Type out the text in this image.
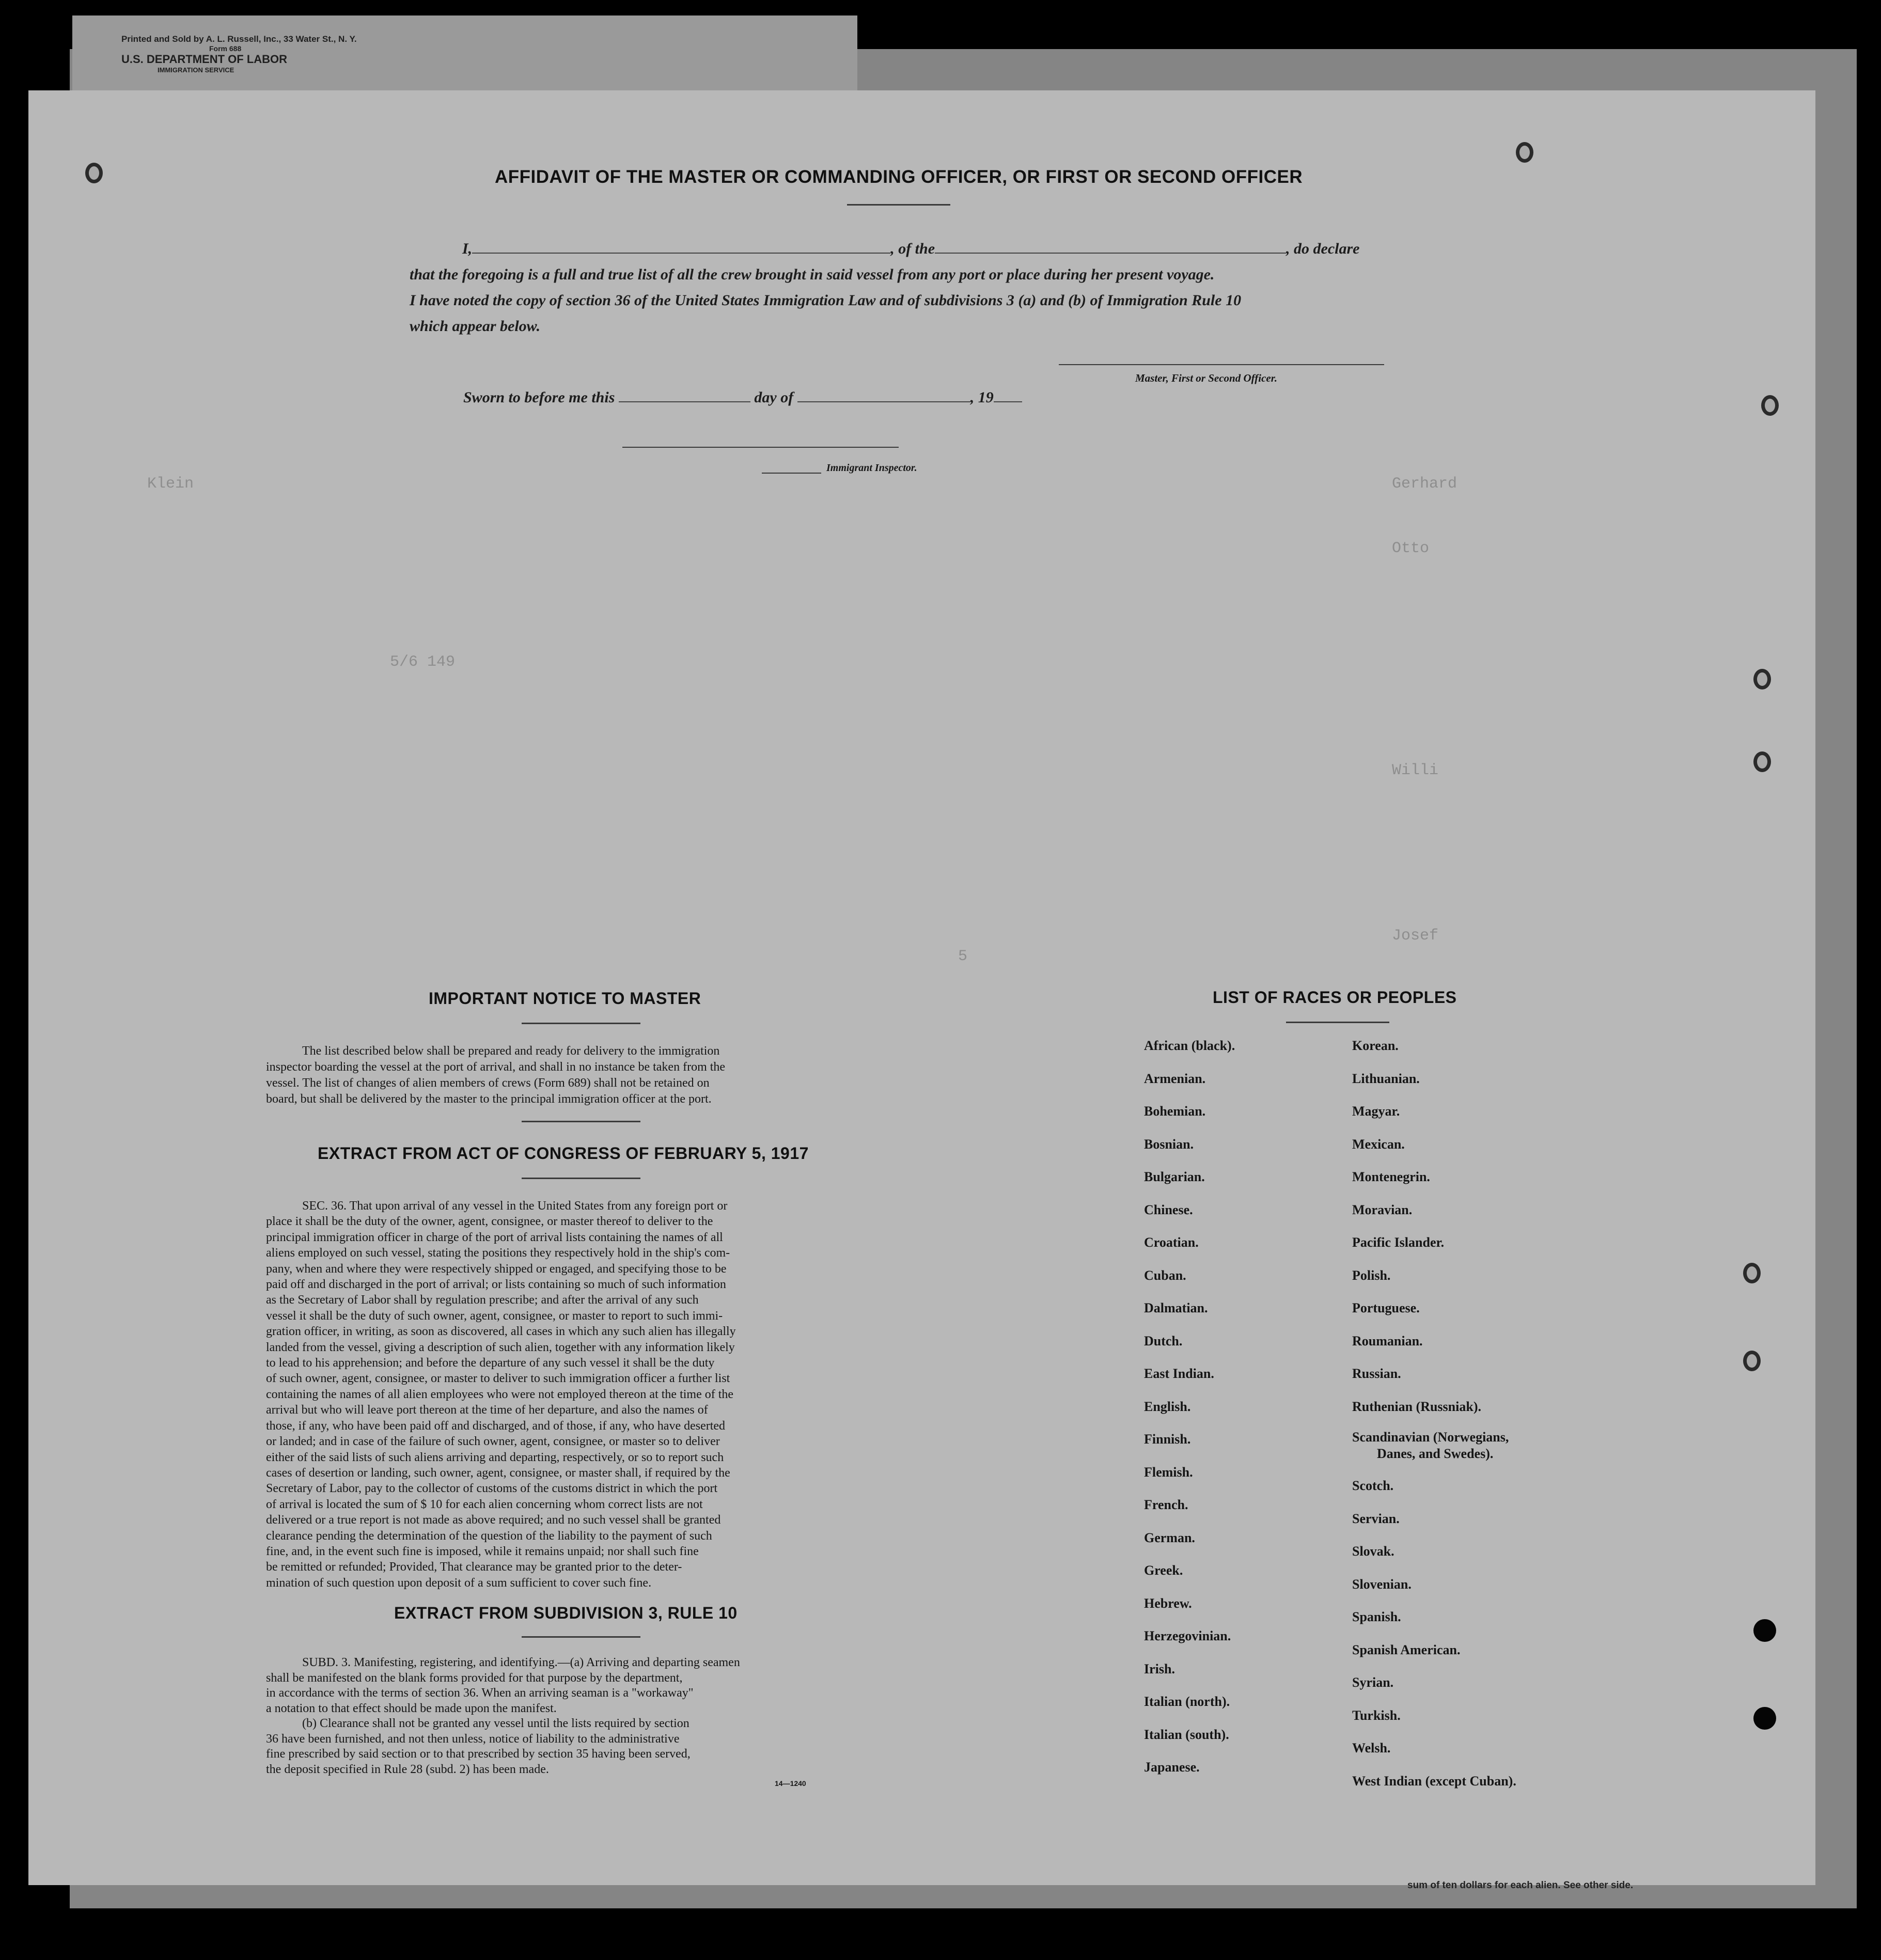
Printed and Sold by A. L. Russell, Inc., 33 Water St., N. Y.
Form 688
U.S. DEPARTMENT OF LABOR
IMMIGRATION SERVICE
Klein	Gerhard
Otto
Willi
Josef
5
5/6 149
AFFIDAVIT OF THE MASTER OR COMMANDING OFFICER, OR FIRST OR SECOND OFFICER
I,	, of the	, do declare
that the foregoing is a full and true list of all the crew brought in said vessel from any port or place during her present voyage.
I have noted the copy of section 36 of the United States Immigration Law and of subdivisions 3 (a) and (b) of Immigration Rule 10
which appear below.
Master, First or Second Officer.
Sworn to before me this	day of	, 19
Immigrant Inspector.
IMPORTANT NOTICE TO MASTER

The list described below shall be prepared and ready for delivery to the immigration

inspector boarding the vessel at the port of arrival, and shall in no instance be taken from the

vessel. The list of changes of alien members of crews (Form 689) shall not be retained on

board, but shall be delivered by the master to the principal immigration officer at the port.

EXTRACT FROM ACT OF CONGRESS OF FEBRUARY 5, 1917

SEC. 36. That upon arrival of any vessel in the United States from any foreign port or

place it shall be the duty of the owner, agent, consignee, or master thereof to deliver to the

principal immigration officer in charge of the port of arrival lists containing the names of all

aliens employed on such vessel, stating the positions they respectively hold in the ship's com-

pany, when and where they were respectively shipped or engaged, and specifying those to be

paid off and discharged in the port of arrival; or lists containing so much of such information

as the Secretary of Labor shall by regulation prescribe; and after the arrival of any such

vessel it shall be the duty of such owner, agent, consignee, or master to report to such immi-

gration officer, in writing, as soon as discovered, all cases in which any such alien has illegally

landed from the vessel, giving a description of such alien, together with any information likely

to lead to his apprehension; and before the departure of any such vessel it shall be the duty

of such owner, agent, consignee, or master to deliver to such immigration officer a further list

containing the names of all alien employees who were not employed thereon at the time of the

arrival but who will leave port thereon at the time of her departure, and also the names of

those, if any, who have been paid off and discharged, and of those, if any, who have deserted

or landed; and in case of the failure of such owner, agent, consignee, or master so to deliver

either of the said lists of such aliens arriving and departing, respectively, or so to report such

cases of desertion or landing, such owner, agent, consignee, or master shall, if required by the

Secretary of Labor, pay to the collector of customs of the customs district in which the port

of arrival is located the sum of $ 10 for each alien concerning whom correct lists are not

delivered or a true report is not made as above required; and no such vessel shall be granted

clearance pending the determination of the question of the liability to the payment of such

fine, and, in the event such fine is imposed, while it remains unpaid; nor shall such fine

be remitted or refunded; Provided, That clearance may be granted prior to the deter-

mination of such question upon deposit of a sum sufficient to cover such fine.

EXTRACT FROM SUBDIVISION 3, RULE 10

SUBD. 3. Manifesting, registering, and identifying.—(a) Arriving and departing seamen

shall be manifested on the blank forms provided for that purpose by the department,

in accordance with the terms of section 36. When an arriving seaman is a "workaway"

a notation to that effect should be made upon the manifest.

(b) Clearance shall not be granted any vessel until the lists required by section

36 have been furnished, and not then unless, notice of liability to the administrative

fine prescribed by said section or to that prescribed by section 35 having been served,

the deposit specified in Rule 28 (subd. 2) has been made.

14—1240
LIST OF RACES OR PEOPLES
African (black).
Armenian.
Bohemian.
Bosnian.
Bulgarian.
Chinese.
Croatian.
Cuban.
Dalmatian.
Dutch.
East Indian.
English.
Finnish.
Flemish.
French.
German.
Greek.
Hebrew.
Herzegovinian.
Irish.
Italian (north).
Italian (south).
Japanese.
Korean.
Lithuanian.
Magyar.
Mexican.
Montenegrin.
Moravian.
Pacific Islander.
Polish.
Portuguese.
Roumanian.
Russian.
Ruthenian (Russniak).
Scandinavian (Norwegians,
Danes, and Swedes).
Scotch.
Servian.
Slovak.
Slovenian.
Spanish.
Spanish American.
Syrian.
Turkish.
Welsh.
West Indian (except Cuban).
sum of ten dollars for each alien. See other side.
